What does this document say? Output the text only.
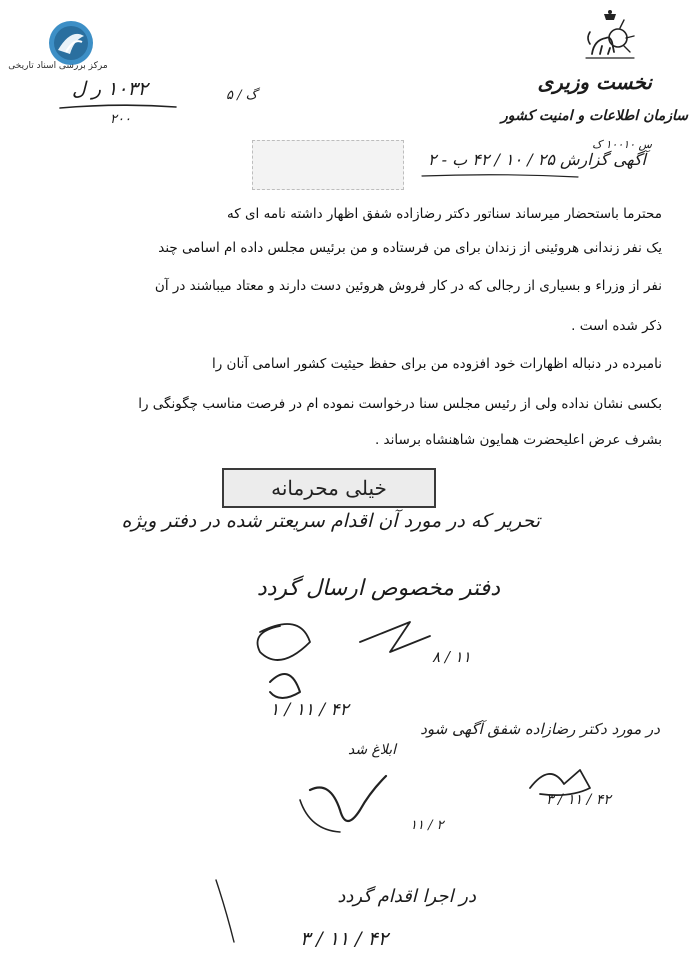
مرکز بررسی اسناد تاریخی
نخست وزیری
سازمان اطلاعات و امنیت کشور
س ۱۰۰۱۰ ک
۱۰۳۲ ر ل
۲۰۰
گ / ۵
آگهی گزارش ۲۵ / ۱۰ / ۴۲ ب - ۲
محترما باستحضار میرساند سناتور دکتر رضازاده شفق اظهار داشته نامه ای که
یک نفر زندانی هروئینی از زندان برای من فرستاده و من برئیس مجلس داده ام اسامی چند
نفر از وزراء و بسیاری از رجالی که در کار فروش هروئین دست دارند و معتاد میباشند در آن
ذکر شده است .
نامبرده در دنباله اظهارات خود افزوده من برای حفظ حیثیت کشور اسامی آنان را
بکسی نشان نداده ولی از رئیس مجلس سنا درخواست نموده ام در فرصت مناسب چگونگی را
بشرف عرض اعلیحضرت همایون شاهنشاه برساند .
خیلی محرمانه
تحریر که در مورد آن اقدام سریعتر شده در دفتر ویژه
دفتر مخصوص ارسال گردد
۱۱ / ۸
۴۲ / ۱۱ / ۱
در مورد دکتر رضازاده شفق آگهی شود
۴۲ / ۱۱ / ۳
ابلاغ شد
۲ / ۱۱
در اجرا اقدام گردد
۴۲ / ۱۱ / ۳
